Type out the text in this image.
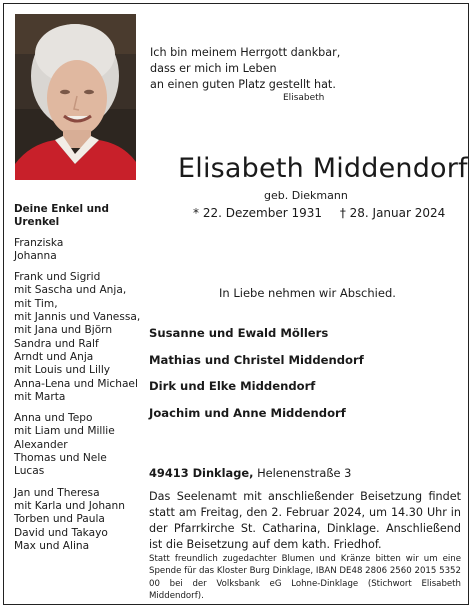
Ich bin meinem Herrgott dankbar,
dass er mich im Leben
an einen guten Platz gestellt hat.
Elisabeth
Elisabeth Middendorf
geb. Diekmann
* 22. Dezember 1931 † 28. Januar 2024
Deine Enkel und Urenkel
Franziska
Johanna
Frank und Sigrid
mit Sascha und Anja,
mit Tim,
mit Jannis und Vanessa,
mit Jana und Björn
Sandra und Ralf
Arndt und Anja
mit Louis und Lilly
Anna-Lena und Michael
mit Marta
Anna und Tepo
mit Liam und Millie
Alexander
Thomas und Nele
Lucas
Jan und Theresa
mit Karla und Johann
Torben und Paula
David und Takayo
Max und Alina
In Liebe nehmen wir Abschied.
Susanne und Ewald Möllers
Mathias und Christel Middendorf
Dirk und Elke Middendorf
Joachim und Anne Middendorf
49413 Dinklage, Helenenstraße 3
Das Seelenamt mit anschließender Beisetzung findet statt am Freitag, den 2. Februar 2024, um 14.30 Uhr in der Pfarrkirche St. Catharina, Dinklage. Anschließend ist die Beisetzung auf dem kath. Friedhof.
Statt freundlich zugedachter Blumen und Kränze bitten wir um eine Spende für das Kloster Burg Dinklage, IBAN DE48 2806 2560 2015 5352 00 bei der Volksbank eG Lohne-Dinklage (Stichwort Elisabeth Middendorf).
